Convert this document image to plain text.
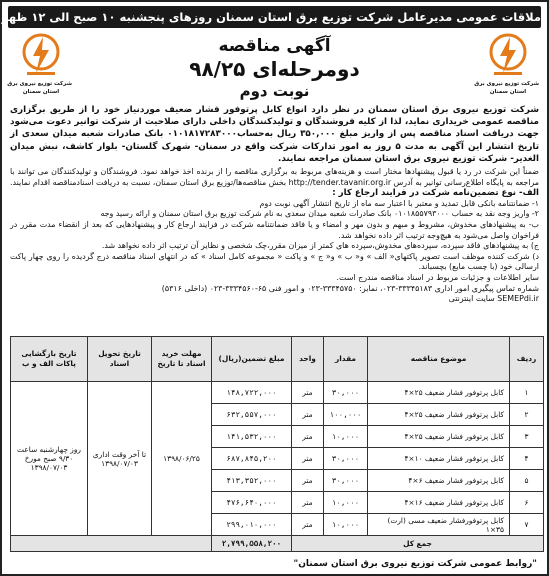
ملاقات عمومی مدیرعامل شرکت توزیع برق استان سمنان روزهای پنجشنبه ۱۰ صبح الی ۱۲ ظهر
شرکت توزیع نیروی برق
استان سمنان
شرکت توزیع نیروی برق
استان سمنان
آگهی مناقصه
دومرحله‌ای ۹۸/۲۵
نوبت دوم

شرکت توزیع نیروی برق استان سمنان در نظر دارد انواع کابل پرتوفور فشار ضعیف موردنیاز خود را از طریق برگزاری مناقصه عمومی خریداری نماید، لذا از کلیه فروشندگان و تولیدکنندگان داخلی دارای صلاحیت از شرکت توانیر دعوت می‌شود جهت دریافت اسناد مناقصه پس از واریز مبلغ ۳۵۰,۰۰۰ ریال به‌حساب۰۱۰۱۸۱۷۲۸۳۰۰۰ بانک صادرات شعبه میدان سعدی از تاریخ انتشار این آگهی به مدت ۵ روز به امور تدارکات شرکت واقع در سمنان- شهرک گلستان- بلوار کاشف، نبش میدان الغدیر- شرکت توزیع نیروی برق استان سمنان مراجعه نمایند.

ضمناً این شرکت در رد یا قبول پیشنهادها مختار است و هزینه‌های مربوط به برگزاری مناقصه را از برنده اخذ خواهد نمود. فروشندگان و تولیدکنندگان می توانند با مراجعه به پایگاه اطلاع‌رسانی توانیر به آدرس http://tender.tavanir.org.ir بخش مناقصه‌ها/توزیع برق استان سمنان، نسبت به دریافت اسنادمناقصه اقدام نمایند.

الف- نوع تضمین‌نامه شرکت در فرایند ارجاع کار :

۱- ضمانتنامه بانکی قابل تمدید و معتبر با اعتبار سه ماه از تاریخ انتشار آگهی نوبت دوم

۲- واریز وجه نقد به حساب ۰۱۰۱۸۵۵۷۹۳۰۰۰ بانک صادرات شعبه میدان سعدی به نام شرکت توزیع برق استان سمنان و ارائه رسید وجه

ب- به پیشنهادهای مخدوش، مشروط و مبهم و بدون مهر و امضاء و یا فاقد ضمانتنامه شرکت در فرایند ارجاع کار و پیشنهادهایی که بعد از انقضاء مدت مقرر در فراخوان واصل می‌شود به هیچ‌وجه ترتیب اثر داده نخواهد شد.

ج) به پیشنهادهای فاقد سپرده، سپرده‌های مخدوش،سپرده های کمتر از میزان مقرر،چک شخصی و نظایر آن ترتیب اثر داده نخواهد شد.

د) شرکت کننده موظف است تصویر پاکتهای« الف » و« ب » و« ج » و پاکت « مجموعه کامل اسناد » که در انتهای اسناد مناقصه درج گردیده را روی چهار پاکت ارسالی خود (با چسب مایع) بچسباند.

سایر اطلاعات و جزئیات مربوط در اسناد مناقصه مندرج است.

شماره تماس پیگیری امور اداری ۳۳۳۴۵۱۸۳-۰۲۳، نمابر: ۳۳۳۴۵۷۵۰-۰۲۳ و امور فنی ۶۵-۳۳۳۴۵۶۰-۰۲۳ (داخلی ۵۳۱۶)

SEMEPdi.ir سایت اینترنتی

ردیف	موضوع مناقصه	مقدار	واحد	مبلغ تضمین(ریال)	مهلت خرید اسناد تا تاریخ	تاریخ تحویل اسناد	تاریخ بازگشایی پاکات الف و ب
۱	کابل پرتوفور فشار ضعیف ۲۵×۴	۳۰,۰۰۰	متر	۱۴۸,۷۲۲,۰۰۰	۱۳۹۸/۰۶/۲۵	تا آخر وقت اداری ۱۳۹۸/۰۷/۰۳	روز چهارشنبه ساعت ۹/۳۰ صبح مورخ ۱۳۹۸/۰۷/۰۳
۲	کابل پرتوفور فشار ضعیف ۲۵×۴	۱۰۰,۰۰۰	متر	۶۳۲,۵۵۷,۰۰۰			
۳	کابل پرتوفور فشار ضعیف ۲۵×۴	۱۰,۰۰۰	متر	۱۴۱,۵۳۲,۰۰۰			
۴	کابل پرتوفور فشار ضعیف ۱۰×۴	۳۰,۰۰۰	متر	۶۸۷,۸۴۵,۲۰۰			
۵	کابل پرتوفور فشار ضعیف ۶×۴	۳۰,۰۰۰	متر	۴۱۳,۳۵۲,۰۰۰			
۶	کابل پرتوفور فشار ضعیف ۱۶×۴	۱۰,۰۰۰	متر	۴۷۶,۶۴۰,۰۰۰			
۷	کابل پرتوفورفشار ضعیف مسی (ارت) ۳۵×۱	۱۰,۰۰۰	متر	۲۹۹,۰۱۰,۰۰۰			
جمع کل				۲,۷۹۹,۵۵۸,۲۰۰			
"روابط عمومی شرکت توزیع نیروی برق استان سمنان"
